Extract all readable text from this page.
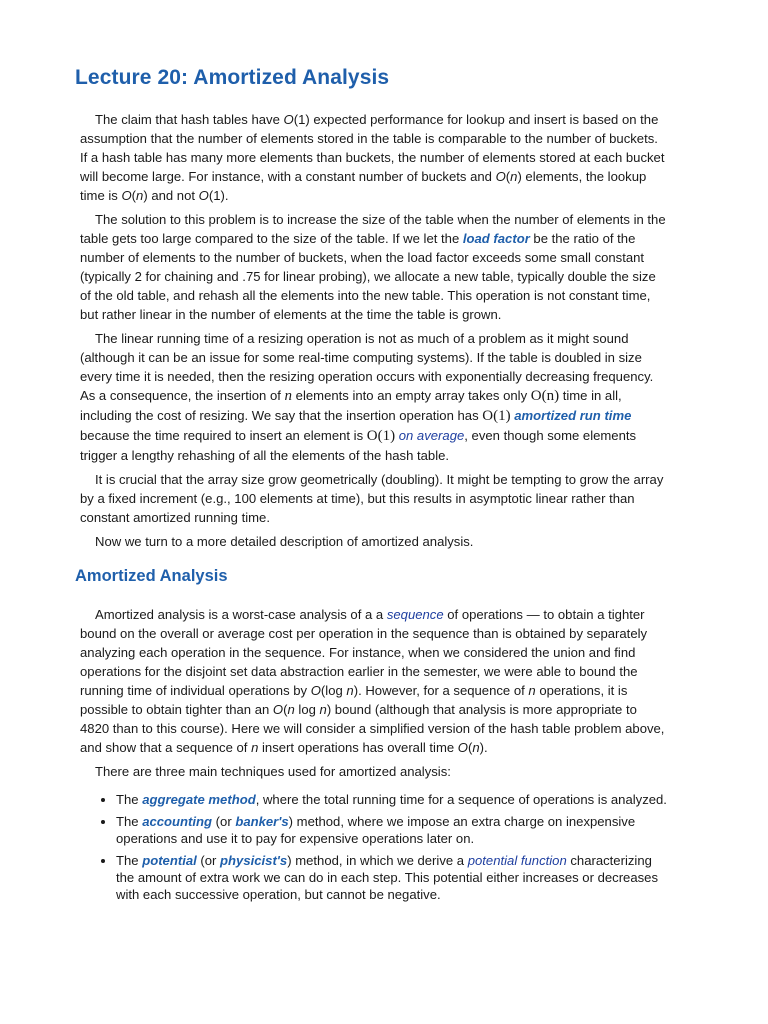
Lecture 20: Amortized Analysis

The claim that hash tables have O(1) expected performance for lookup and insert is based on the assumption that the number of elements stored in the table is comparable to the number of buckets. If a hash table has many more elements than buckets, the number of elements stored at each bucket will become large. For instance, with a constant number of buckets and O(n) elements, the lookup time is O(n) and not O(1).

The solution to this problem is to increase the size of the table when the number of elements in the table gets too large compared to the size of the table. If we let the load factor be the ratio of the number of elements to the number of buckets, when the load factor exceeds some small constant (typically 2 for chaining and .75 for linear probing), we allocate a new table, typically double the size of the old table, and rehash all the elements into the new table. This operation is not constant time, but rather linear in the number of elements at the time the table is grown.

The linear running time of a resizing operation is not as much of a problem as it might sound (although it can be an issue for some real-time computing systems). If the table is doubled in size every time it is needed, then the resizing operation occurs with exponentially decreasing frequency. As a consequence, the insertion of n elements into an empty array takes only O(n) time in all, including the cost of resizing. We say that the insertion operation has O(1) amortized run time because the time required to insert an element is O(1) on average, even though some elements trigger a lengthy rehashing of all the elements of the hash table.

It is crucial that the array size grow geometrically (doubling). It might be tempting to grow the array by a fixed increment (e.g., 100 elements at time), but this results in asymptotic linear rather than constant amortized running time.

Now we turn to a more detailed description of amortized analysis.

Amortized Analysis

Amortized analysis is a worst-case analysis of a a sequence of operations — to obtain a tighter bound on the overall or average cost per operation in the sequence than is obtained by separately analyzing each operation in the sequence. For instance, when we considered the union and find operations for the disjoint set data abstraction earlier in the semester, we were able to bound the running time of individual operations by O(log n). However, for a sequence of n operations, it is possible to obtain tighter than an O(n log n) bound (although that analysis is more appropriate to 4820 than to this course). Here we will consider a simplified version of the hash table problem above, and show that a sequence of n insert operations has overall time O(n).

There are three main techniques used for amortized analysis:

• The aggregate method, where the total running time for a sequence of operations is analyzed.
• The accounting (or banker's) method, where we impose an extra charge on inexpensive operations and use it to pay for expensive operations later on.
• The potential (or physicist's) method, in which we derive a potential function characterizing the amount of extra work we can do in each step. This potential either increases or decreases with each successive operation, but cannot be negative.
